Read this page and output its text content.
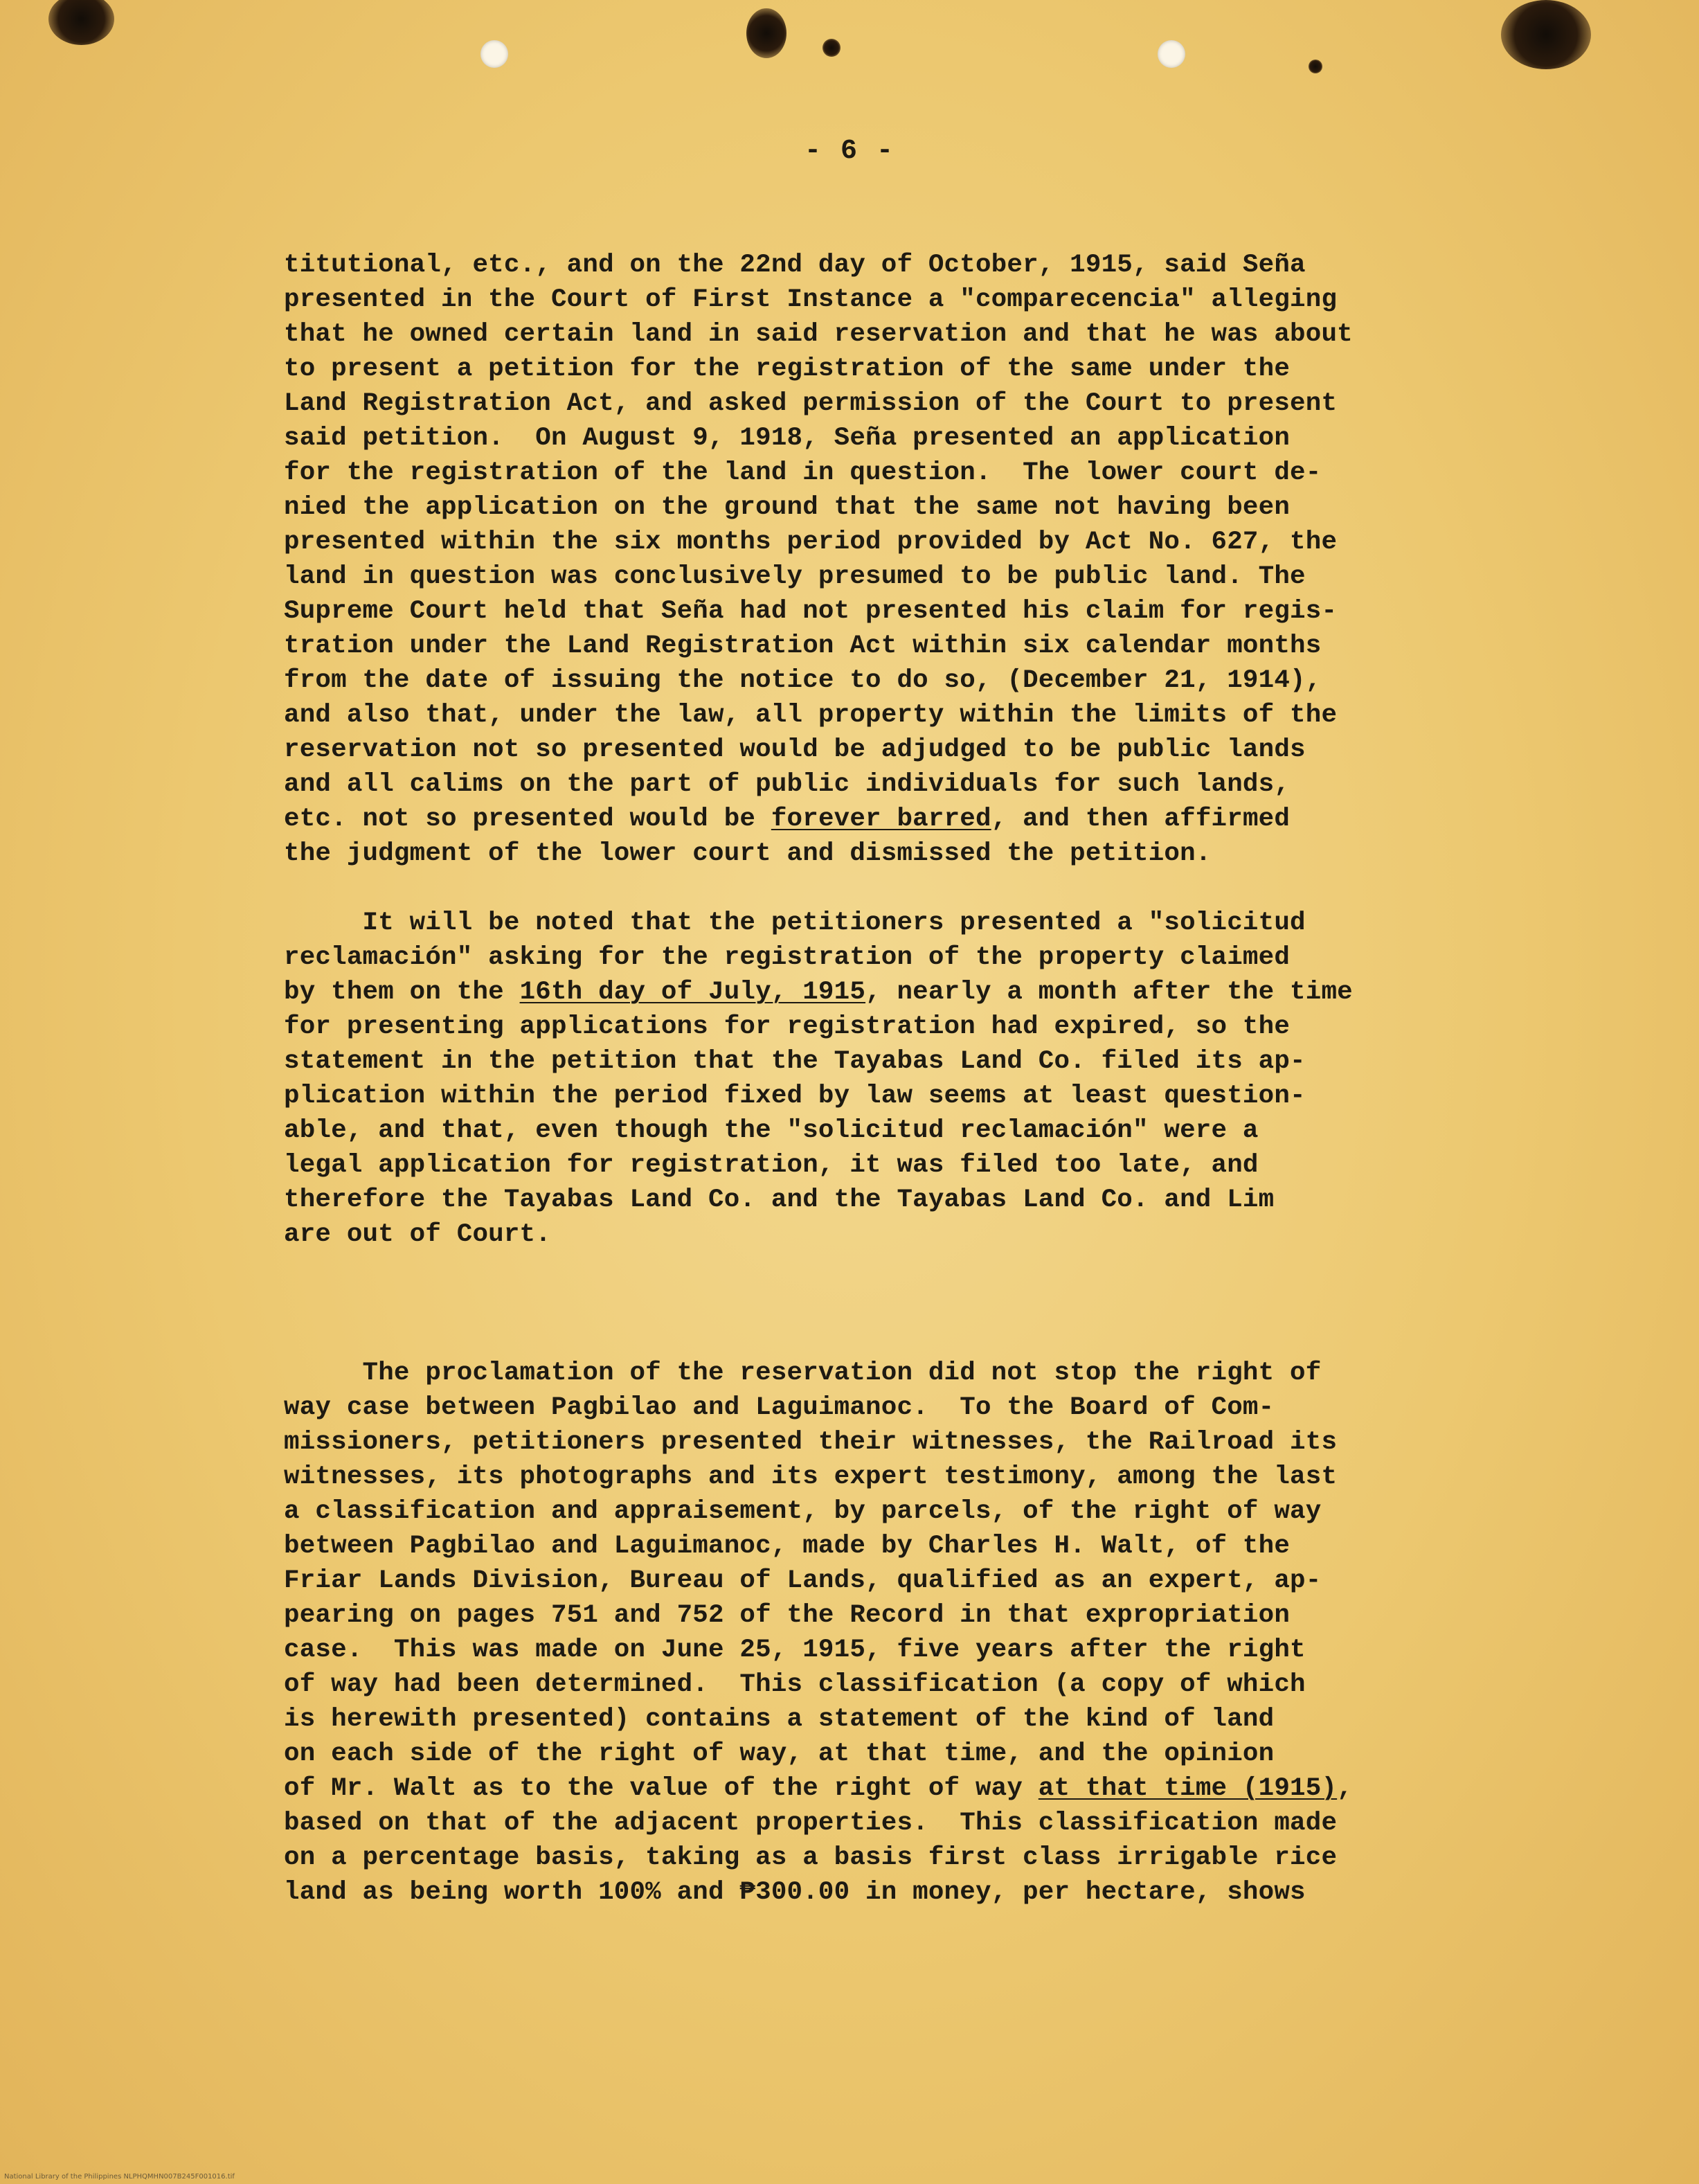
- 6 -
titutional, etc., and on the 22nd day of October, 1915, said Seña
presented in the Court of First Instance a "comparecencia" alleging
that he owned certain land in said reservation and that he was about
to present a petition for the registration of the same under the
Land Registration Act, and asked permission of the Court to present
said petition.  On August 9, 1918, Seña presented an application
for the registration of the land in question.  The lower court de-
nied the application on the ground that the same not having been
presented within the six months period provided by Act No. 627, the
land in question was conclusively presumed to be public land. The
Supreme Court held that Seña had not presented his claim for regis-
tration under the Land Registration Act within six calendar months
from the date of issuing the notice to do so, (December 21, 1914),
and also that, under the law, all property within the limits of the
reservation not so presented would be adjudged to be public lands
and all calims on the part of public individuals for such lands,
etc. not so presented would be forever barred, and then affirmed
the judgment of the lower court and dismissed the petition.
It will be noted that the petitioners presented a "solicitud
reclamación" asking for the registration of the property claimed
by them on the 16th day of July, 1915, nearly a month after the time
for presenting applications for registration had expired, so the
statement in the petition that the Tayabas Land Co. filed its ap-
plication within the period fixed by law seems at least question-
able, and that, even though the "solicitud reclamación" were a
legal application for registration, it was filed too late, and
therefore the Tayabas Land Co. and the Tayabas Land Co. and Lim
are out of Court.
The proclamation of the reservation did not stop the right of
way case between Pagbilao and Laguimanoc.  To the Board of Com-
missioners, petitioners presented their witnesses, the Railroad its
witnesses, its photographs and its expert testimony, among the last
a classification and appraisement, by parcels, of the right of way
between Pagbilao and Laguimanoc, made by Charles H. Walt, of the
Friar Lands Division, Bureau of Lands, qualified as an expert, ap-
pearing on pages 751 and 752 of the Record in that expropriation
case.  This was made on June 25, 1915, five years after the right
of way had been determined.  This classification (a copy of which
is herewith presented) contains a statement of the kind of land
on each side of the right of way, at that time, and the opinion
of Mr. Walt as to the value of the right of way at that time (1915),
based on that of the adjacent properties.  This classification made
on a percentage basis, taking as a basis first class irrigable rice
land as being worth 100% and ₱300.00 in money, per hectare, shows
National Library of the Philippines NLPHQMHN007B245F001016.tif
